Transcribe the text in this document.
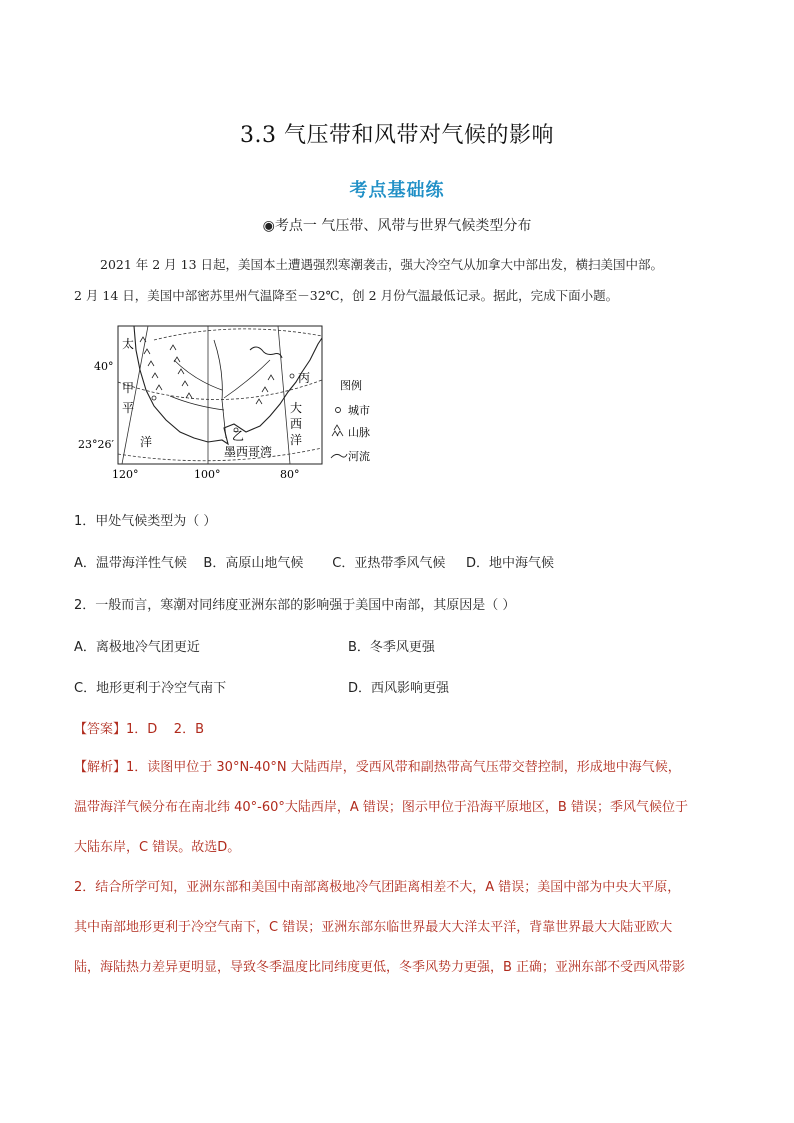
3.3 气压带和风带对气候的影响
考点基础练
◉考点一 气压带、风带与世界气候类型分布
2021 年 2 月 13 日起，美国本土遭遇强烈寒潮袭击，强大冷空气从加拿大中部出发，横扫美国中部。
2 月 14 日，美国中部密苏里州气温降至－32℃，创 2 月份气温最低记录。据此，完成下面小题。
40°
23°26′
120°	100°	80°
太
甲
平
洋	乙
丙
大
西
洋
墨西哥湾
图例
城市
山脉
河流
1．甲处气候类型为（ ）
A．温带海洋性气候    B．高原山地气候       C．亚热带季风气候     D．地中海气候
2．一般而言，寒潮对同纬度亚洲东部的影响强于美国中南部，其原因是（ ）
A．离极地冷气团更近	B．冬季风更强
C．地形更利于冷空气南下	D．西风影响更强
【答案】1．D    2．B
【解析】1．读图甲位于 30°N-40°N 大陆西岸，受西风带和副热带高气压带交替控制，形成地中海气候，
温带海洋气候分布在南北纬 40°-60°大陆西岸，A 错误；图示甲位于沿海平原地区，B 错误；季风气候位于
大陆东岸，C 错误。故选D。
2．结合所学可知，亚洲东部和美国中南部离极地冷气团距离相差不大，A 错误；美国中部为中央大平原，
其中南部地形更利于冷空气南下，C 错误；亚洲东部东临世界最大大洋太平洋，背靠世界最大大陆亚欧大
陆，海陆热力差异更明显，导致冬季温度比同纬度更低，冬季风势力更强，B 正确；亚洲东部不受西风带影
